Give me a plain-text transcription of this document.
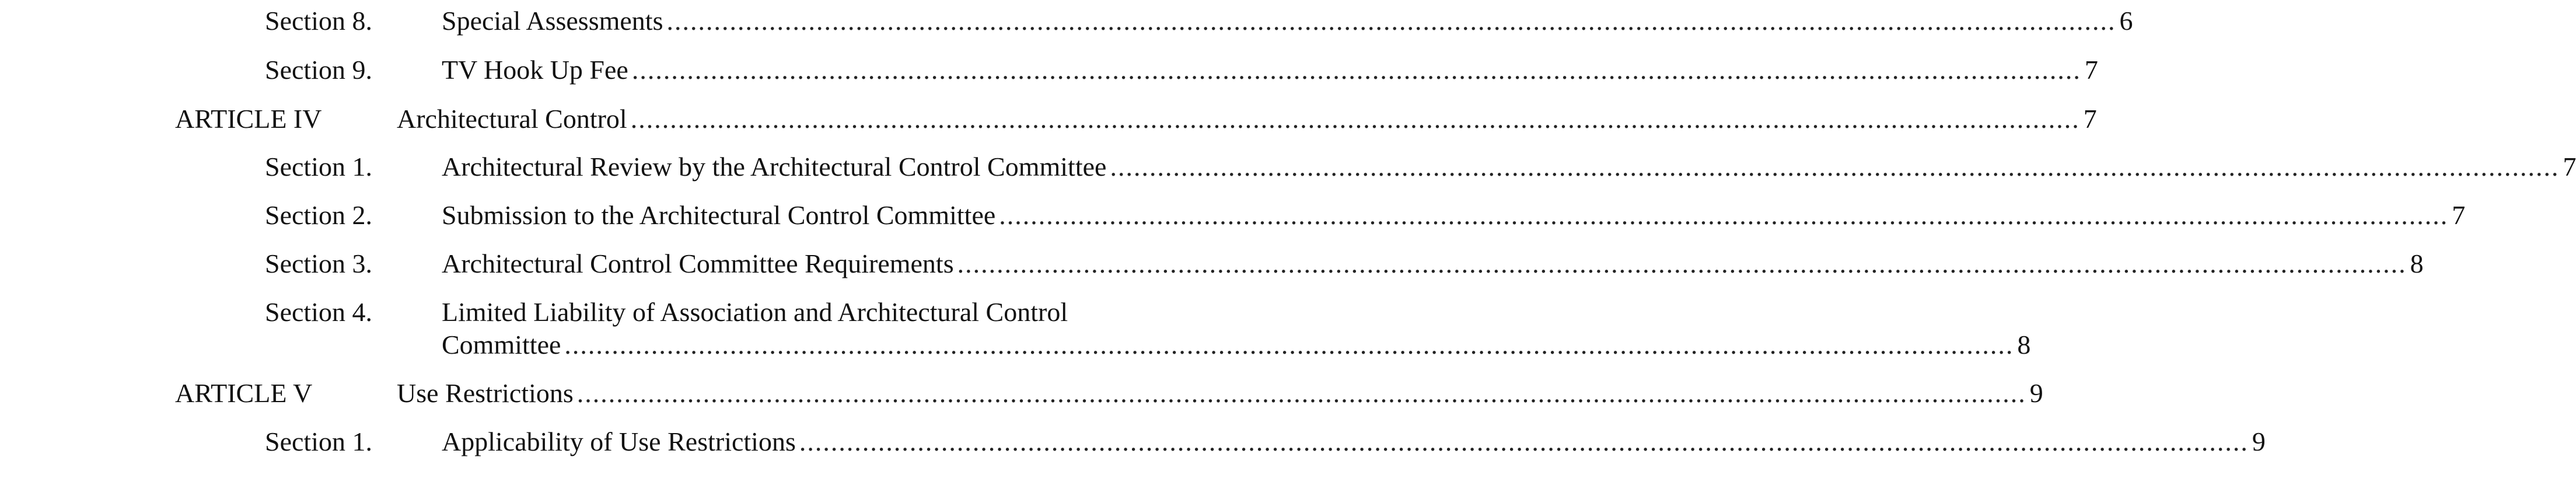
Section 8.	Special Assessments ........................................................................................................................................................................................ 6
Section 9.	TV Hook Up Fee ........................................................................................................................................................................................ 7
ARTICLE IV	Architectural Control ........................................................................................................................................................................................ 7
Section 1.	Architectural Review by the Architectural Control Committee ........................................................................................................................................................................................ 7
Section 2.	Submission to the Architectural Control Committee ........................................................................................................................................................................................ 7
Section 3.	Architectural Control Committee Requirements ........................................................................................................................................................................................ 8
Section 4.	Limited Liability of Association and Architectural Control
Committee ........................................................................................................................................................................................ 8
ARTICLE V	Use Restrictions ........................................................................................................................................................................................ 9
Section 1.	Applicability of Use Restrictions ........................................................................................................................................................................................ 9
